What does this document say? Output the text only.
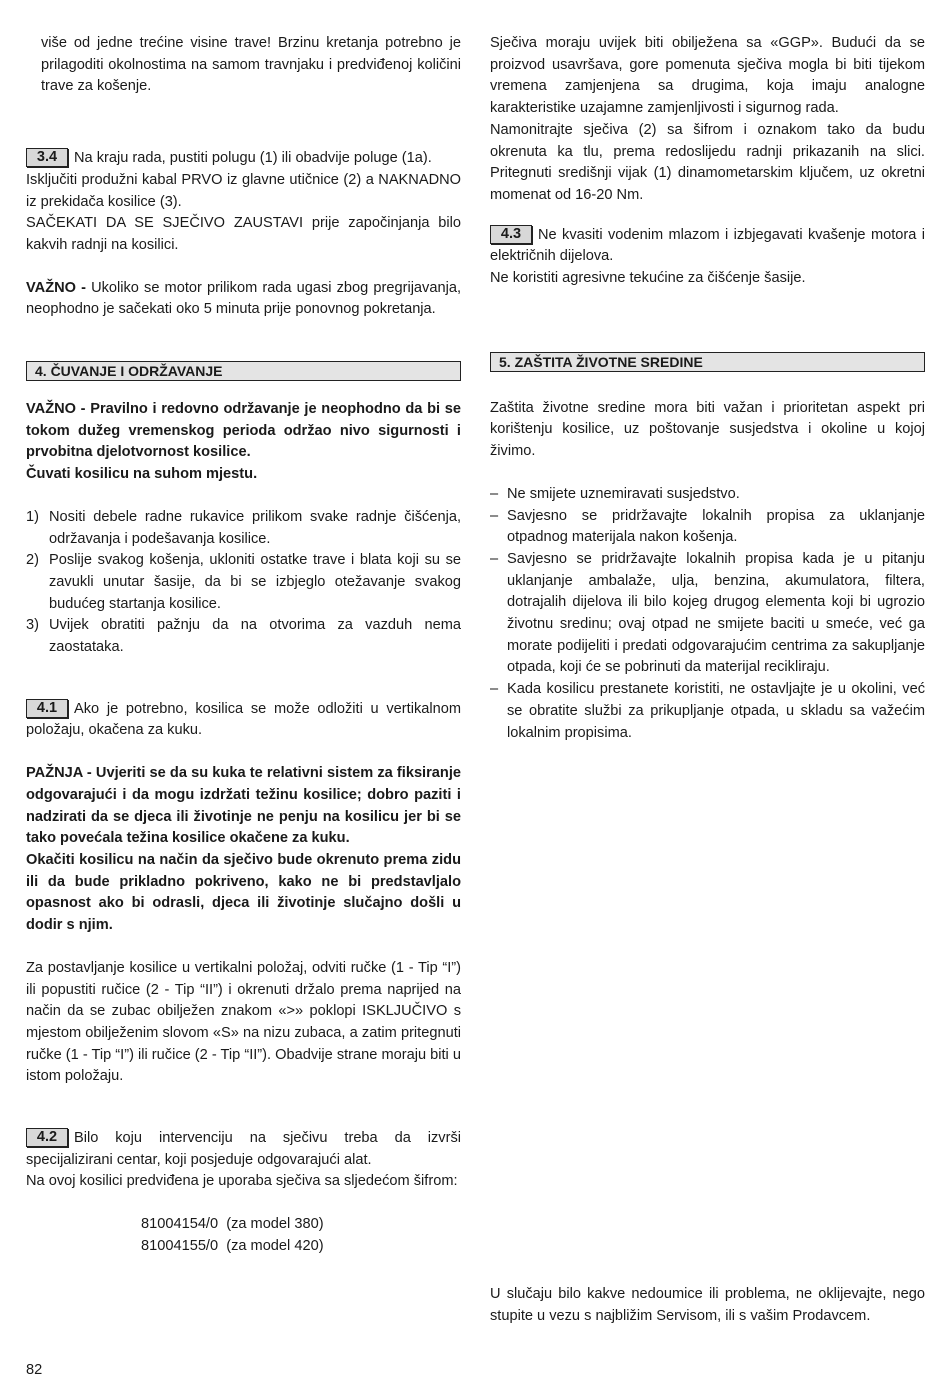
više od jedne trećine visine trave! Brzinu kretanja potrebno je prilagoditi okolnostima na samom travnjaku i predviđenoj količini trave za košenje.

3.4 Na kraju rada, pustiti polugu (1) ili obadvije poluge (1a).

Isključiti produžni kabal PRVO iz glavne utičnice (2) a NAKNADNO iz prekidača kosilice (3).

SAČEKATI DA SE SJEČIVO ZAUSTAVI prije započinjanja bilo kakvih radnji na kosilici.

VAŽNO - Ukoliko se motor prilikom rada ugasi zbog pregrijavanja, neophodno je sačekati oko 5 minuta prije ponovnog pokretanja.

4. ČUVANJE I ODRŽAVANJE

VAŽNO - Pravilno i redovno održavanje je neophodno da bi se tokom dužeg vremenskog perioda održao nivo sigurnosti i prvobitna djelotvornost kosilice.

Čuvati kosilicu na suhom mjestu.

1) Nositi debele radne rukavice prilikom svake radnje čišćenja, održavanja i podešavanja kosilice.
2) Poslije svakog košenja, ukloniti ostatke trave i blata koji su se zavukli unutar šasije, da bi se izbjeglo otežavanje svakog budućeg startanja kosilice.
3) Uvijek obratiti pažnju da na otvorima za vazduh nema zaostataka.

4.1 Ako je potrebno, kosilica se može odložiti u vertikalnom položaju, okačena za kuku.

PAŽNJA - Uvjeriti se da su kuka te relativni sistem za fiksiranje odgovarajući i da mogu izdržati težinu kosilice; dobro paziti i nadzirati da se djeca ili životinje ne penju na kosilicu jer bi se tako povećala težina kosilice okačene za kuku.

Okačiti kosilicu na način da sječivo bude okrenuto prema zidu ili da bude prikladno pokriveno, kako ne bi predstavljalo opasnost ako bi odrasli, djeca ili životinje slučajno došli u dodir s njim.

Za postavljanje kosilice u vertikalni položaj, odviti ručke (1 - Tip “I”) ili popustiti ručice (2 - Tip “II”) i okrenuti držalo prema naprijed na način da se zubac obilježen znakom «>» poklopi ISKLJUČIVO s mjestom obilježenim slovom «S» na nizu zubaca, a zatim pritegnuti ručke (1 - Tip “I”) ili ručice (2 - Tip “II”). Obadvije strane moraju biti u istom položaju.

4.2 Bilo koju intervenciju na sječivu treba da izvrši specijalizirani centar, koji posjeduje odgovarajući alat.

Na ovoj kosilici predviđena je uporaba sječiva sa sljedećom šifrom:

81004154/0  (za model 380)
81004155/0  (za model 420)

Sječiva moraju uvijek biti obilježena sa «GGP». Budući da se proizvod usavršava, gore pomenuta sječiva mogla bi biti tijekom vremena zamjenjena sa drugima, koja imaju analogne karakteristike uzajamne zamjenljivosti i sigurnog rada.

Namonitrajte sječiva (2) sa šifrom i oznakom tako da budu okrenuta ka tlu, prema redoslijedu radnji prikazanih na slici. Pritegnuti središnji vijak (1) dinamometarskim ključem, uz okretni momenat od 16-20 Nm.

4.3 Ne kvasiti vodenim mlazom i izbjegavati kvašenje motora i električnih dijelova.

Ne koristiti agresivne tekućine za čišćenje šasije.

5. ZAŠTITA ŽIVOTNE SREDINE

Zaštita životne sredine mora biti važan i prioritetan aspekt pri korištenju kosilice, uz poštovanje susjedstva i okoline u kojoj živimo.

– Ne smijete uznemiravati susjedstvo.
– Savjesno se pridržavajte lokalnih propisa za uklanjanje otpadnog materijala nakon košenja.
– Savjesno se pridržavajte lokalnih propisa kada je u pitanju uklanjanje ambalaže, ulja, benzina, akumulatora, filtera, dotrajalih dijelova ili bilo kojeg drugog elementa koji bi ugrozio životnu sredinu; ovaj otpad ne smijete baciti u smeće, već ga morate podijeliti i predati odgovarajućim centrima za sakupljanje otpada, koji će se pobrinuti da materijal recikliraju.
– Kada kosilicu prestanete koristiti, ne ostavljajte je u okolini, već se obratite službi za prikupljanje otpada, u skladu sa važećim lokalnim propisima.

U slučaju bilo kakve nedoumice ili problema, ne oklijevajte, nego stupite u vezu s najbližim Servisom, ili s vašim Prodavcem.

82
